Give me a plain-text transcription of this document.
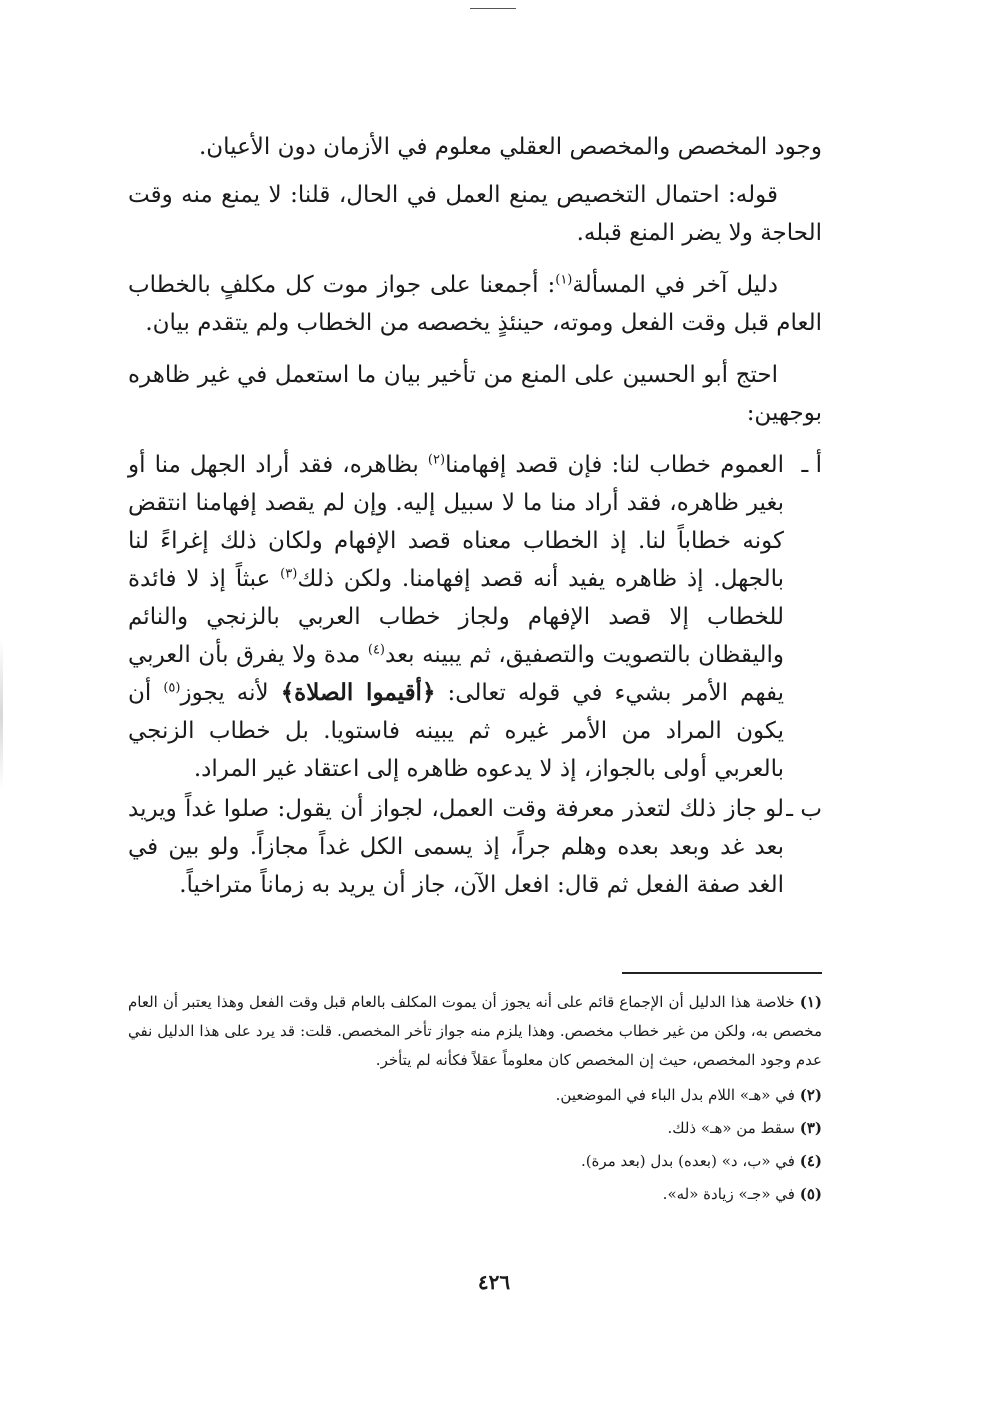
وجود المخصص والمخصص العقلي معلوم في الأزمان دون الأعيان.

قوله: احتمال التخصيص يمنع العمل في الحال، قلنا: لا يمنع منه وقت الحاجة ولا يضر المنع قبله.

دليل آخر في المسألة$^{(١)}$: أجمعنا على جواز موت كل مكلفٍ بالخطاب العام قبل وقت الفعل وموته، حينئذٍ يخصصه من الخطاب ولم يتقدم بيان.

احتج أبو الحسين على المنع من تأخير بيان ما استعمل في غير ظاهره بوجهين:

أ ـ
العموم خطاب لنا: فإن قصد إفهامنا$^{(٢)}$ بظاهره، فقد أراد الجهل منا أو بغير ظاهره، فقد أراد منا ما لا سبيل إليه. وإن لم يقصد إفهامنا انتقض كونه خطاباً لنا. إذ الخطاب معناه قصد الإفهام ولكان ذلك إغراءً لنا بالجهل. إذ ظاهره يفيد أنه قصد إفهامنا. ولكن ذلك$^{(٣)}$ عبثاً إذ لا فائدة للخطاب إلا قصد الإفهام ولجاز خطاب العربي بالزنجي والنائم واليقظان بالتصويت والتصفيق، ثم يبينه بعد$^{(٤)}$ مدة ولا يفرق بأن العربي يفهم الأمر بشيء في قوله تعالى: ﴿أقيموا الصلاة﴾ لأنه يجوز$^{(٥)}$ أن يكون المراد من الأمر غيره ثم يبينه فاستويا. بل خطاب الزنجي بالعربي أولى بالجواز، إذ لا يدعوه ظاهره إلى اعتقاد غير المراد.

ب ـ
لو جاز ذلك لتعذر معرفة وقت العمل، لجواز أن يقول: صلوا غداً ويريد بعد غد وبعد بعده وهلم جراً، إذ يسمى الكل غداً مجازاً. ولو بين في الغد صفة الفعل ثم قال: افعل الآن، جاز أن يريد به زماناً متراخياً.

(١) خلاصة هذا الدليل أن الإجماع قائم على أنه يجوز أن يموت المكلف بالعام قبل وقت الفعل وهذا يعتبر أن العام مخصص به، ولكن من غير خطاب مخصص. وهذا يلزم منه جواز تأخر المخصص. قلت: قد يرد على هذا الدليل نفي عدم وجود المخصص، حيث إن المخصص كان معلوماً عقلاً فكأنه لم يتأخر.

(٢) في «هـ» اللام بدل الباء في الموضعين.

(٣) سقط من «هـ» ذلك.

(٤) في «ب، د» (بعده) بدل (بعد مرة).

(٥) في «جـ» زيادة «له».

٤٢٦
